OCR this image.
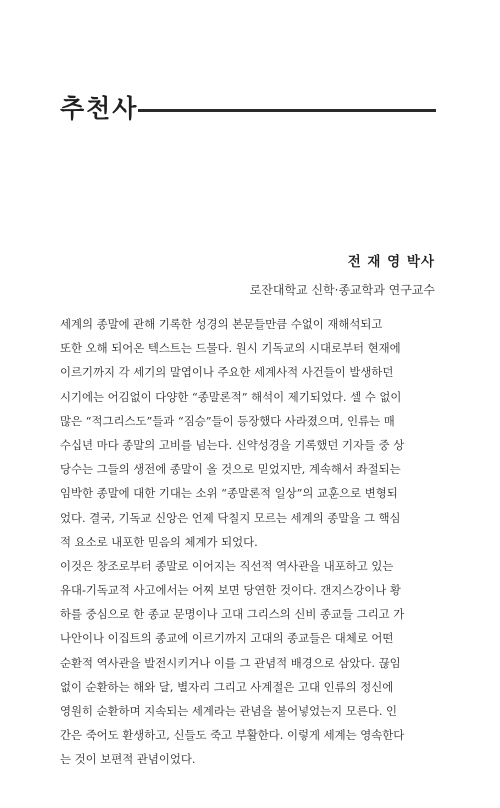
추천사
전 재 영 박사
로잔대학교 신학·종교학과 연구교수
세계의 종말에 관해 기록한 성경의 본문들만큼 수없이 재해석되고
또한 오해 되어온 텍스트는 드물다. 원시 기독교의 시대로부터 현재에
이르기까지 각 세기의 말엽이나 주요한 세계사적 사건들이 발생하던
시기에는 어김없이 다양한 “종말론적” 해석이 제기되었다. 셀 수 없이
많은 “적그리스도”들과 “짐승”들이 등장했다 사라졌으며, 인류는 매
수십년 마다 종말의 고비를 넘는다. 신약성경을 기록했던 기자들 중 상
당수는 그들의 생전에 종말이 올 것으로 믿었지만, 계속해서 좌절되는
임박한 종말에 대한 기대는 소위 “종말론적 일상”의 교훈으로 변형되
었다. 결국, 기독교 신앙은 언제 닥칠지 모르는 세계의 종말을 그 핵심
적 요소로 내포한 믿음의 체계가 되었다.
이것은 창조로부터 종말로 이어지는 직선적 역사관을 내포하고 있는
유대-기독교적 사고에서는 어찌 보면 당연한 것이다. 갠지스강이나 황
하를 중심으로 한 종교 문명이나 고대 그리스의 신비 종교들 그리고 가
나안이나 이집트의 종교에 이르기까지 고대의 종교들은 대체로 어떤
순환적 역사관을 발전시키거나 이를 그 관념적 배경으로 삼았다. 끊임
없이 순환하는 해와 달, 별자리 그리고 사계절은 고대 인류의 정신에
영원히 순환하며 지속되는 세계라는 관념을 불어넣었는지 모른다. 인
간은 죽어도 환생하고, 신들도 죽고 부활한다. 이렇게 세계는 영속한다
는 것이 보편적 관념이었다.
